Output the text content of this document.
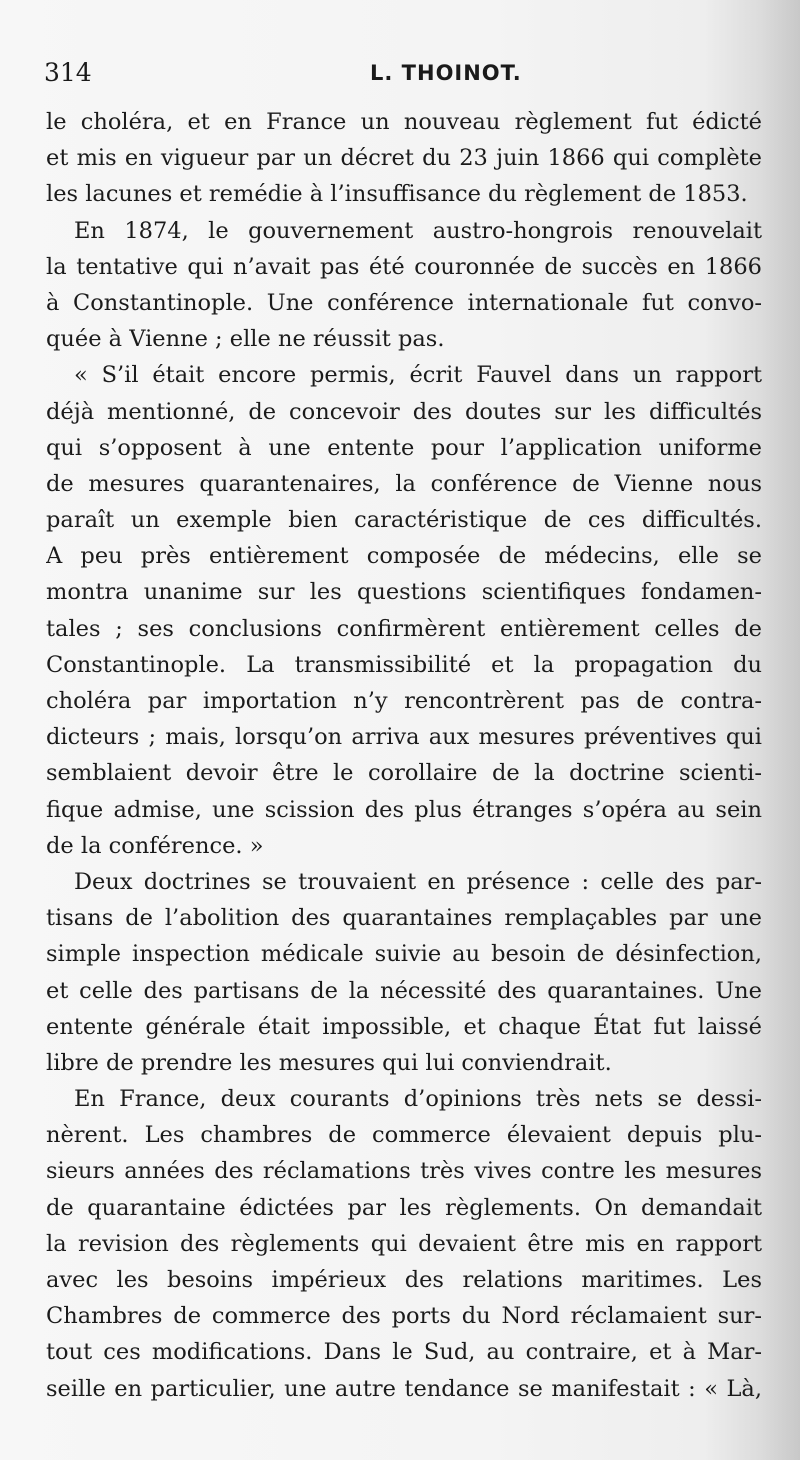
314	L. THOINOT.
le choléra, et en France un nouveau règlement fut édicté
et mis en vigueur par un décret du 23 juin 1866 qui complète
les lacunes et remédie à l’insuffisance du règlement de 1853.
En 1874, le gouvernement austro-hongrois renouvelait
la tentative qui n’avait pas été couronnée de succès en 1866
à Constantinople. Une conférence internationale fut convo-
quée à Vienne ; elle ne réussit pas.
« S’il était encore permis, écrit Fauvel dans un rapport
déjà mentionné, de concevoir des doutes sur les difficultés
qui s’opposent à une entente pour l’application uniforme
de mesures quarantenaires, la conférence de Vienne nous
paraît un exemple bien caractéristique de ces difficultés.
A peu près entièrement composée de médecins, elle se
montra unanime sur les questions scientifiques fondamen-
tales ; ses conclusions confirmèrent entièrement celles de
Constantinople. La transmissibilité et la propagation du
choléra par importation n’y rencontrèrent pas de contra-
dicteurs ; mais, lorsqu’on arriva aux mesures préventives qui
semblaient devoir être le corollaire de la doctrine scienti-
fique admise, une scission des plus étranges s’opéra au sein
de la conférence. »
Deux doctrines se trouvaient en présence : celle des par-
tisans de l’abolition des quarantaines remplaçables par une
simple inspection médicale suivie au besoin de désinfection,
et celle des partisans de la nécessité des quarantaines. Une
entente générale était impossible, et chaque État fut laissé
libre de prendre les mesures qui lui conviendrait.
En France, deux courants d’opinions très nets se dessi-
nèrent. Les chambres de commerce élevaient depuis plu-
sieurs années des réclamations très vives contre les mesures
de quarantaine édictées par les règlements. On demandait
la revision des règlements qui devaient être mis en rapport
avec les besoins impérieux des relations maritimes. Les
Chambres de commerce des ports du Nord réclamaient sur-
tout ces modifications. Dans le Sud, au contraire, et à Mar-
seille en particulier, une autre tendance se manifestait : « Là,
